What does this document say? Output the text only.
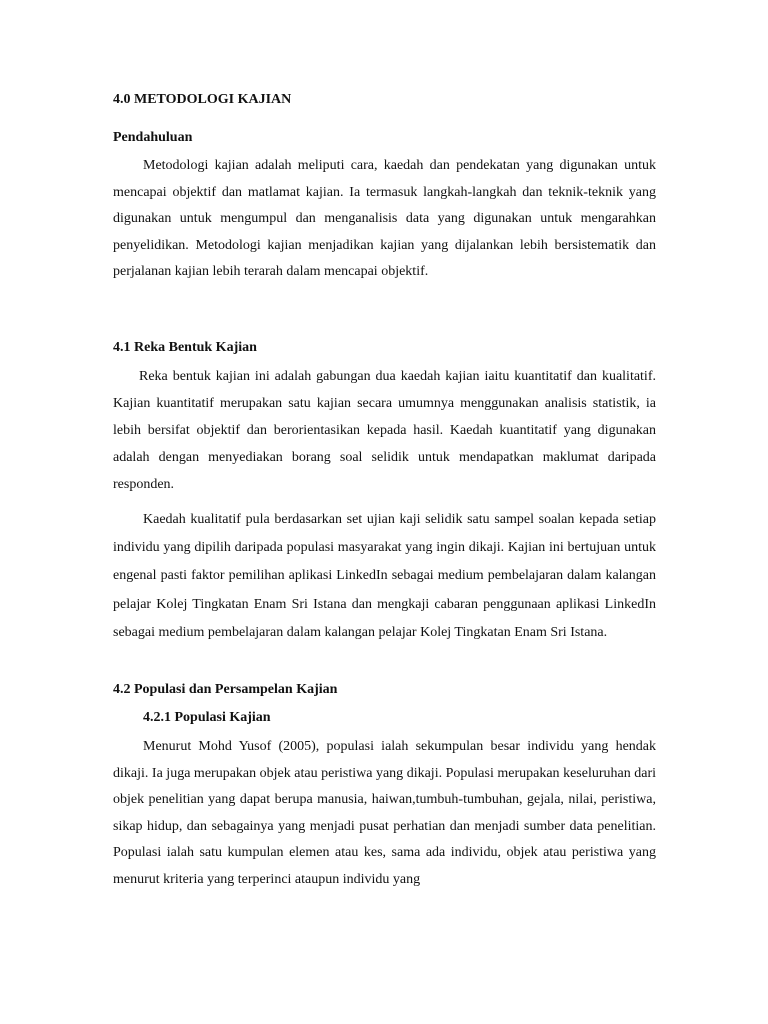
4.0 METODOLOGI KAJIAN
Pendahuluan

Metodologi kajian adalah meliputi cara, kaedah dan pendekatan yang digunakan untuk mencapai objektif dan matlamat kajian. Ia termasuk langkah-langkah dan teknik-teknik yang digunakan untuk mengumpul dan menganalisis data yang digunakan untuk mengarahkan penyelidikan. Metodologi kajian menjadikan kajian yang dijalankan lebih bersistematik dan perjalanan kajian lebih terarah dalam mencapai objektif.

4.1 Reka Bentuk Kajian

Reka bentuk kajian ini adalah gabungan dua kaedah kajian iaitu kuantitatif dan kualitatif. Kajian kuantitatif merupakan satu kajian secara umumnya menggunakan analisis statistik, ia lebih bersifat objektif dan berorientasikan kepada hasil. Kaedah kuantitatif yang digunakan adalah dengan menyediakan borang soal selidik untuk mendapatkan maklumat daripada responden.

Kaedah kualitatif pula berdasarkan set ujian kaji selidik satu sampel soalan kepada setiap individu yang dipilih daripada populasi masyarakat yang ingin dikaji. Kajian ini bertujuan untuk engenal pasti faktor pemilihan aplikasi LinkedIn sebagai medium pembelajaran dalam kalangan pelajar Kolej Tingkatan Enam Sri Istana dan mengkaji cabaran penggunaan aplikasi LinkedIn sebagai medium pembelajaran dalam kalangan pelajar Kolej Tingkatan Enam Sri Istana.

4.2 Populasi dan Persampelan Kajian
4.2.1 Populasi Kajian

Menurut Mohd Yusof (2005), populasi ialah sekumpulan besar individu yang hendak dikaji. Ia juga merupakan objek atau peristiwa yang dikaji. Populasi merupakan keseluruhan dari objek penelitian yang dapat berupa manusia, haiwan,tumbuh-tumbuhan, gejala, nilai, peristiwa, sikap hidup, dan sebagainya yang menjadi pusat perhatian dan menjadi sumber data penelitian. Populasi ialah satu kumpulan elemen atau kes, sama ada individu, objek atau peristiwa yang menurut kriteria yang terperinci ataupun individu yang
